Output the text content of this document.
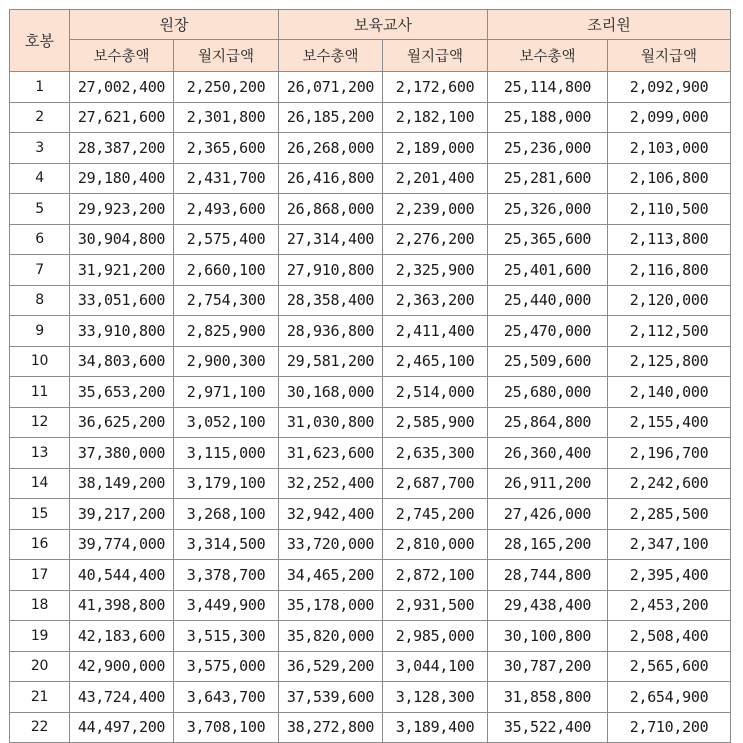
호봉	원장		보육교사		조리원	
	보수총액	월지급액	보수총액	월지급액	보수총액	월지급액
1	27,002,400	2,250,200	26,071,200	2,172,600	25,114,800	2,092,900
2	27,621,600	2,301,800	26,185,200	2,182,100	25,188,000	2,099,000
3	28,387,200	2,365,600	26,268,000	2,189,000	25,236,000	2,103,000
4	29,180,400	2,431,700	26,416,800	2,201,400	25,281,600	2,106,800
5	29,923,200	2,493,600	26,868,000	2,239,000	25,326,000	2,110,500
6	30,904,800	2,575,400	27,314,400	2,276,200	25,365,600	2,113,800
7	31,921,200	2,660,100	27,910,800	2,325,900	25,401,600	2,116,800
8	33,051,600	2,754,300	28,358,400	2,363,200	25,440,000	2,120,000
9	33,910,800	2,825,900	28,936,800	2,411,400	25,470,000	2,112,500
10	34,803,600	2,900,300	29,581,200	2,465,100	25,509,600	2,125,800
11	35,653,200	2,971,100	30,168,000	2,514,000	25,680,000	2,140,000
12	36,625,200	3,052,100	31,030,800	2,585,900	25,864,800	2,155,400
13	37,380,000	3,115,000	31,623,600	2,635,300	26,360,400	2,196,700
14	38,149,200	3,179,100	32,252,400	2,687,700	26,911,200	2,242,600
15	39,217,200	3,268,100	32,942,400	2,745,200	27,426,000	2,285,500
16	39,774,000	3,314,500	33,720,000	2,810,000	28,165,200	2,347,100
17	40,544,400	3,378,700	34,465,200	2,872,100	28,744,800	2,395,400
18	41,398,800	3,449,900	35,178,000	2,931,500	29,438,400	2,453,200
19	42,183,600	3,515,300	35,820,000	2,985,000	30,100,800	2,508,400
20	42,900,000	3,575,000	36,529,200	3,044,100	30,787,200	2,565,600
21	43,724,400	3,643,700	37,539,600	3,128,300	31,858,800	2,654,900
22	44,497,200	3,708,100	38,272,800	3,189,400	35,522,400	2,710,200
